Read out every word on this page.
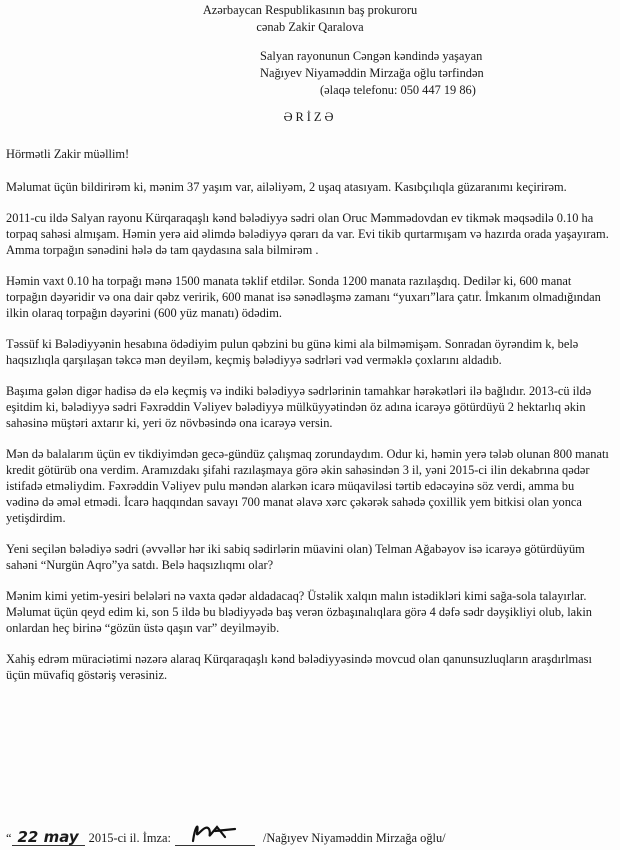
Azərbaycan Respublikasının baş prokuroru
cənab Zakir Qaralova
Salyan rayonunun Cəngən kəndində yaşayan
Nağıyev Niyaməddin Mirzağa oğlu tərfindən
(əlaqə telefonu: 050 447 19 86)
ƏRİZƏ

Hörmətli Zakir müəllim!

Məlumat üçün bildirirəm ki, mənim 37 yaşım var, ailəliyəm, 2 uşaq atasıyam. Kasıbçılıqla güzaranımı keçirirəm.

2011-cu ildə Salyan rayonu Kürqaraqaşlı kənd bələdiyyə sədri olan Oruc Məmmədovdan ev tikmək məqsədilə 0.10 ha torpaq sahəsi almışam. Həmin yerə aid əlimdə bələdiyyə qərarı da var. Evi tikib qurtarmışam və hazırda orada yaşayıram. Amma torpağın sənədini hələ də tam qaydasına sala bilmirəm .

Həmin vaxt 0.10 ha torpağı mənə 1500 manata təklif etdilər. Sonda 1200 manata razılaşdıq. Dedilər ki, 600 manat torpağın dəyəridir və ona dair qəbz veririk, 600 manat isə sənədləşmə zamanı “yuxarı”lara çatır. İmkanım olmadığından ilkin olaraq torpağın dəyərini (600 yüz manatı) ödədim.

Təssüf ki Bələdiyyənin hesabına ödədiyim pulun qəbzini bu günə kimi ala bilməmişəm. Sonradan öyrəndim k, belə haqsızlıqla qarşılaşan təkcə mən deyiləm, keçmiş bələdiyyə sədrləri vəd verməklə çoxlarını aldadıb.

Başıma gələn digər hadisə də elə keçmiş və indiki bələdiyyə sədrlərinin tamahkar hərəkətləri ilə bağlıdır. 2013-cü ildə eşitdim ki, bələdiyyə sədri Fəxrəddin Vəliyev bələdiyyə mülküyyətindən öz adına icarəyə götürdüyü 2 hektarlıq əkin sahəsinə müştəri axtarır ki, yeri öz növbəsində ona icarəyə versin.

Mən də balalarım üçün ev tikdiyimdən gecə-gündüz çalışmaq zorundaydım. Odur ki, həmin yerə tələb olunan 800 manatı kredit götürüb ona verdim. Aramızdakı şifahi razılaşmaya görə əkin sahəsindən 3 il, yəni 2015-ci ilin dekabrına qədər istifadə etməliydim. Fəxrəddin Vəliyev pulu məndən alarkən icarə müqaviləsi tərtib edəcəyinə söz verdi, amma bu vədinə də əməl etmədi. İcarə haqqından savayı 700 manat əlavə xərc çəkərək sahədə çoxillik yem bitkisi olan yonca yetişdirdim.

Yeni seçilən bələdiyə sədri (əvvəllər hər iki sabiq sədirlərin müavini olan) Telman Ağabəyov isə icarəyə götürdüyüm sahəni “Nurgün Aqro”ya satdı. Belə haqsızlıqmı olar?

Mənim kimi yetim-yesiri belələri nə vaxta qədər aldadacaq? Üstəlik xalqın malın istədikləri kimi sağa-sola talayırlar. Məlumat üçün qeyd edim ki, son 5 ildə bu blədiyyədə baş verən özbaşınalıqlara görə 4 dəfə sədr dəyşikliyi olub, lakin onlardan heç birinə “gözün üstə qaşın var” deyilməyib.

Xahiş edrəm müraciətimi nəzərə alaraq Kürqaraqaşlı kənd bələdiyyəsində movcud olan qanunsuzluqların araşdırlması üçün müvafiq göstəriş verəsiniz.

“ 22 may 2015-ci il. İmza:	/Nağıyev Niyaməddin Mirzağa oğlu/
